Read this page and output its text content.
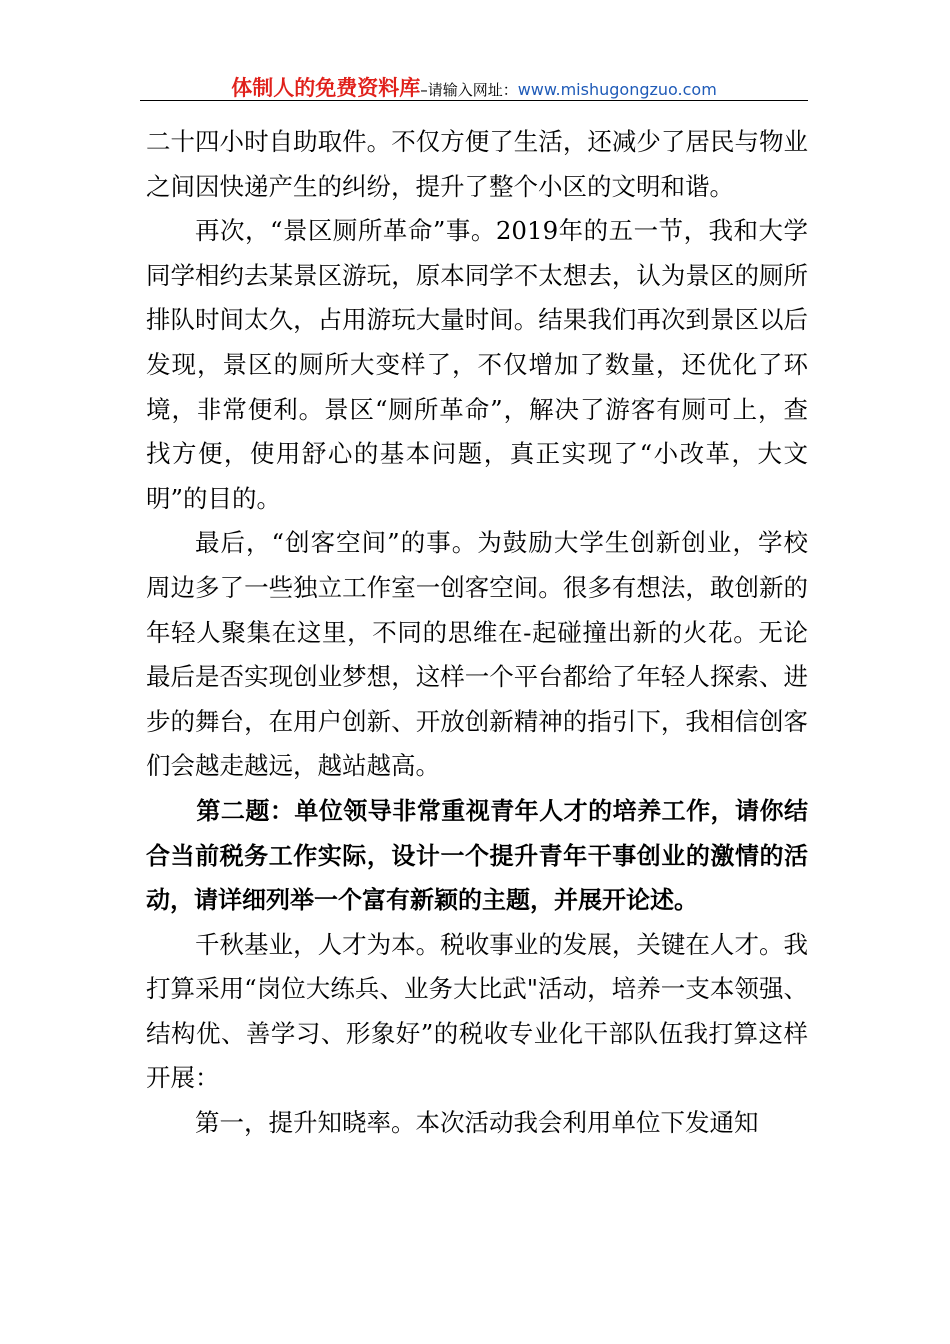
体制人的免费资料库–请输入网址：www.mishugongzuo.com

二十四小时自助取件。不仅方便了生活，还减少了居民与物业之间因快递产生的纠纷，提升了整个小区的文明和谐。

再次，“景区厕所革命”事。2019年的五一节，我和大学同学相约去某景区游玩，原本同学不太想去，认为景区的厕所排队时间太久，占用游玩大量时间。结果我们再次到景区以后发现，景区的厕所大变样了，不仅增加了数量，还优化了环境，非常便利。景区“厕所革命”，解决了游客有厕可上，查找方便，使用舒心的基本问题，真正实现了“小改革，大文明”的目的。

最后，“创客空间”的事。为鼓励大学生创新创业，学校周边多了一些独立工作室一创客空间。很多有想法，敢创新的年轻人聚集在这里，不同的思维在-起碰撞出新的火花。无论最后是否实现创业梦想，这样一个平台都给了年轻人探索、进步的舞台，在用户创新、开放创新精神的指引下，我相信创客们会越走越远，越站越高。

第二题：单位领导非常重视青年人才的培养工作，请你结合当前税务工作实际，设计一个提升青年干事创业的激情的活动，请详细列举一个富有新颖的主题，并展开论述。

千秋基业，人才为本。税收事业的发展，关键在人才。我打算采用“岗位大练兵、业务大比武"活动，培养一支本领强、结构优、善学习、形象好”的税收专业化干部队伍我打算这样开展：

第一，提升知晓率。本次活动我会利用单位下发通知
